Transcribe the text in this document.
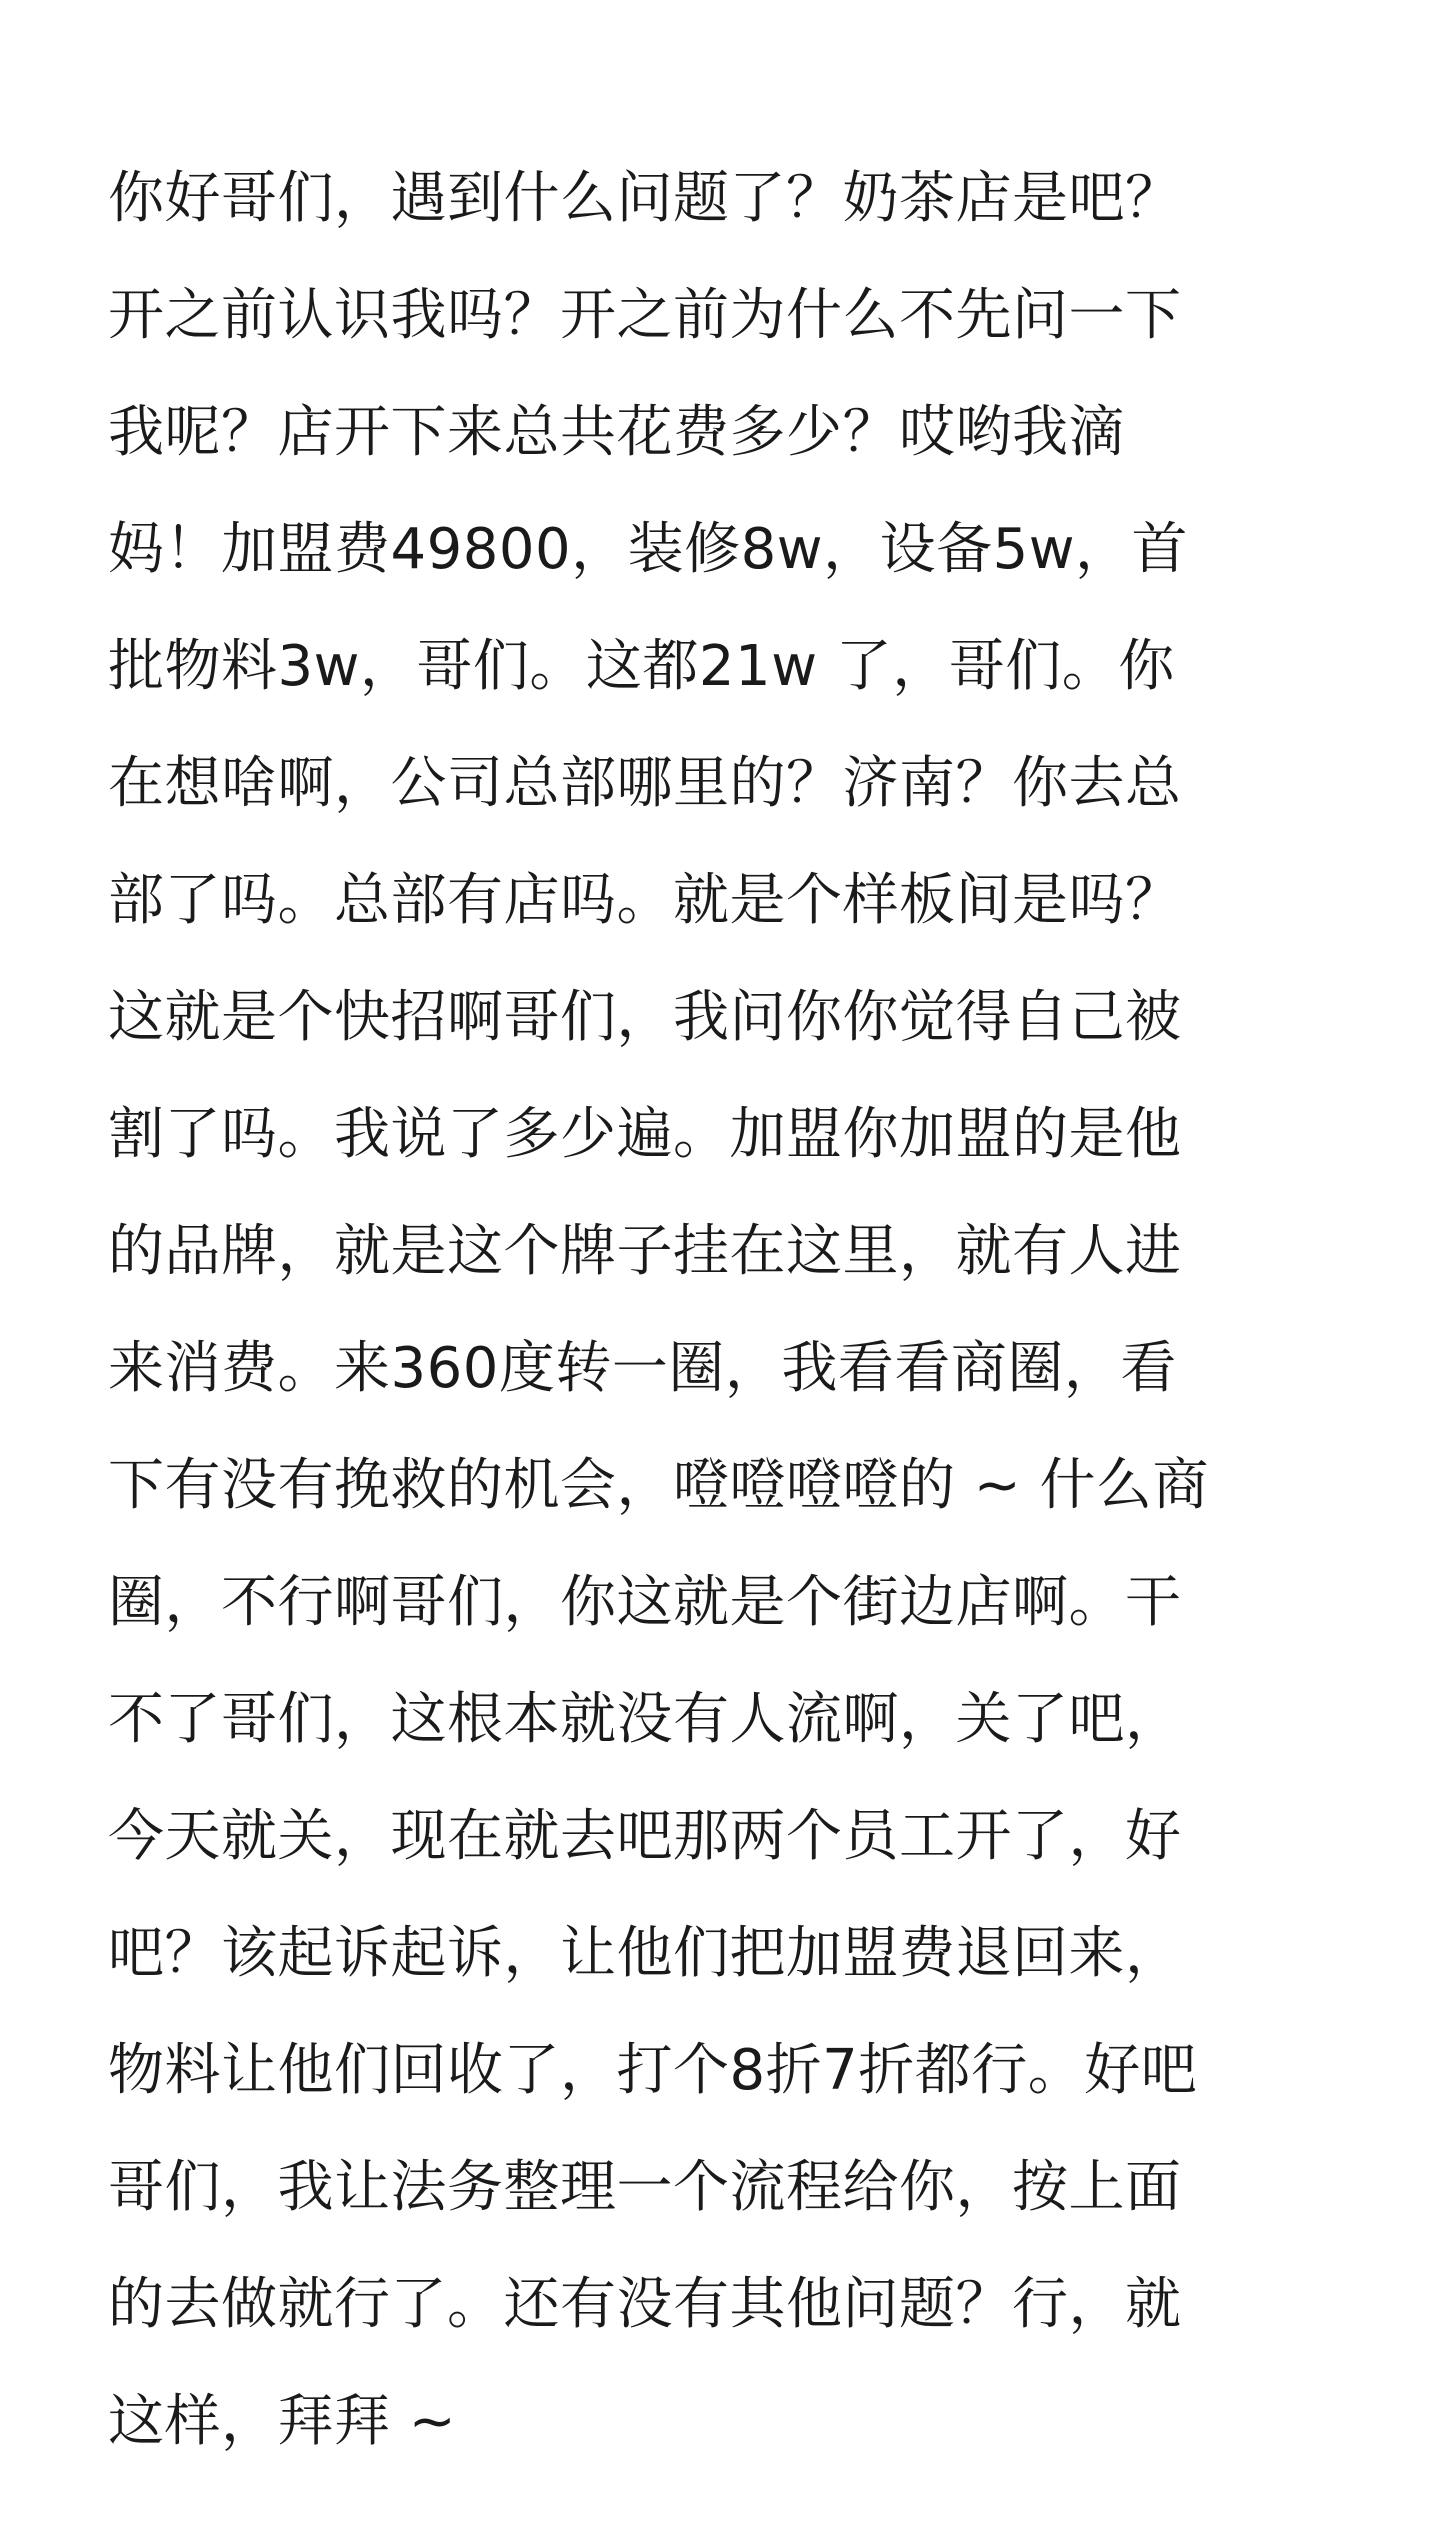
你好哥们，遇到什么问题了？奶茶店是吧？
开之前认识我吗？开之前为什么不先问一下
我呢？店开下来总共花费多少？哎哟我滴
妈！加盟费49800，装修8w，设备5w，首
批物料3w，哥们。这都21w 了，哥们。你
在想啥啊，公司总部哪里的？济南？你去总
部了吗。总部有店吗。就是个样板间是吗？
这就是个快招啊哥们，我问你你觉得自己被
割了吗。我说了多少遍。加盟你加盟的是他
的品牌，就是这个牌子挂在这里，就有人进
来消费。来360度转一圈，我看看商圈，看
下有没有挽救的机会，噔噔噔噔的 ~ 什么商
圈，不行啊哥们，你这就是个街边店啊。干
不了哥们，这根本就没有人流啊，关了吧，
今天就关，现在就去吧那两个员工开了，好
吧？该起诉起诉，让他们把加盟费退回来，
物料让他们回收了，打个8折7折都行。好吧
哥们，我让法务整理一个流程给你，按上面
的去做就行了。还有没有其他问题？行，就
这样，拜拜 ~
